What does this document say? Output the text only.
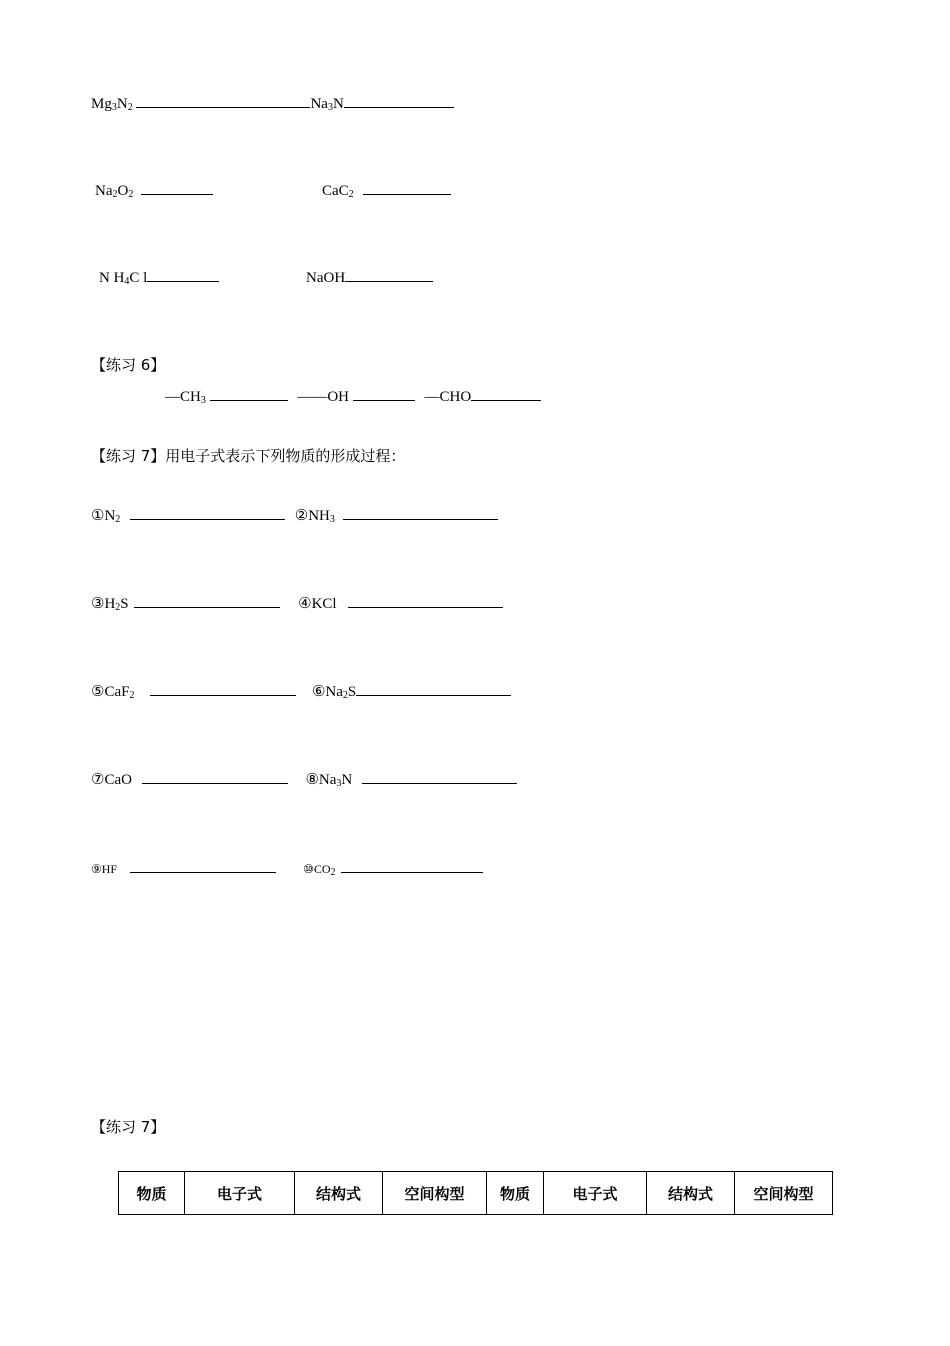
$Mg_3N_2$	$Na_3N$
$Na_2O_2$	CaC$_2$
N $H_4C$ l	NaOH
【练习 6】
$—CH_3$	——OH	—CHO
【练习 7】用电子式表示下列物质的形成过程：
$①N_2$	$②NH_3$
$③H_2S$	④KCl
⑤CaF$_2$	$⑥Na_2S$
⑦CaO	$⑧Na_3N$
⑨HF	$⑩CO_2$
【练习 7】
物质	电子式	结构式	空间构型	物质	电子式	结构式	空间构型
